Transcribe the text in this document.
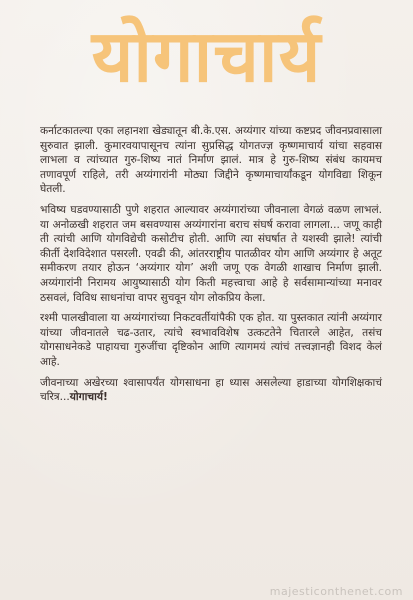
योगाचार्य

कर्नाटकातल्या एका लहानशा खेड्यातून बी.के.एस. अय्यंगार यांच्या कष्टप्रद जीवनप्रवासाला सुरुवात झाली. कुमारवयापासूनच त्यांना सुप्रसिद्ध योगतज्ज्ञ कृष्णमाचार्य यांचा सहवास लाभला व त्यांच्यात गुरु-शिष्य नातं निर्माण झालं. मात्र हे गुरु-शिष्य संबंध कायमच तणावपूर्ण राहिले, तरी अय्यंगारांनी मोठ्या जिद्दीने कृष्णमाचार्यांकडून योगविद्या शिकून घेतली.

भविष्य घडवण्यासाठी पुणे शहरात आल्यावर अय्यंगारांच्या जीवनाला वेगळं वळण लाभलं. या अनोळखी शहरात जम बसवण्यास अय्यंगारांना बराच संघर्ष करावा लागला... जणू काही ती त्यांची आणि योगविद्येची कसोटीच होती. आणि त्या संघर्षात ते यशस्वी झाले! त्यांची कीर्ती देशविदेशात पसरली. एवढी की, आंतरराष्ट्रीय पातळीवर योग आणि अय्यंगार हे अतूट समीकरण तयार होऊन ‘अय्यंगार योग’ अशी जणू एक वेगळी शाखाच निर्माण झाली. अय्यंगारांनी निरामय आयुष्यासाठी योग किती महत्त्वाचा आहे हे सर्वसामान्यांच्या मनावर ठसवलं, विविध साधनांचा वापर सुचवून योग लोकप्रिय केला.

रश्मी पालखीवाला या अय्यंगारांच्या निकटवर्तीयांपैकी एक होत. या पुस्तकात त्यांनी अय्यंगार यांच्या जीवनातले चढ-उतार, त्यांचे स्वभावविशेष उत्कटतेने चितारले आहेत, तसंच योगसाधनेकडे पाहायचा गुरुजींचा दृष्टिकोन आणि त्यागमयं त्यांचं तत्त्वज्ञानही विशद केलं आहे.

जीवनाच्या अखेरच्या श्वासापर्यंत योगसाधना हा ध्यास असलेल्या हाडाच्या योगशिक्षकाचं चरित्र...योगाचार्य!

majesticonthenet.com
